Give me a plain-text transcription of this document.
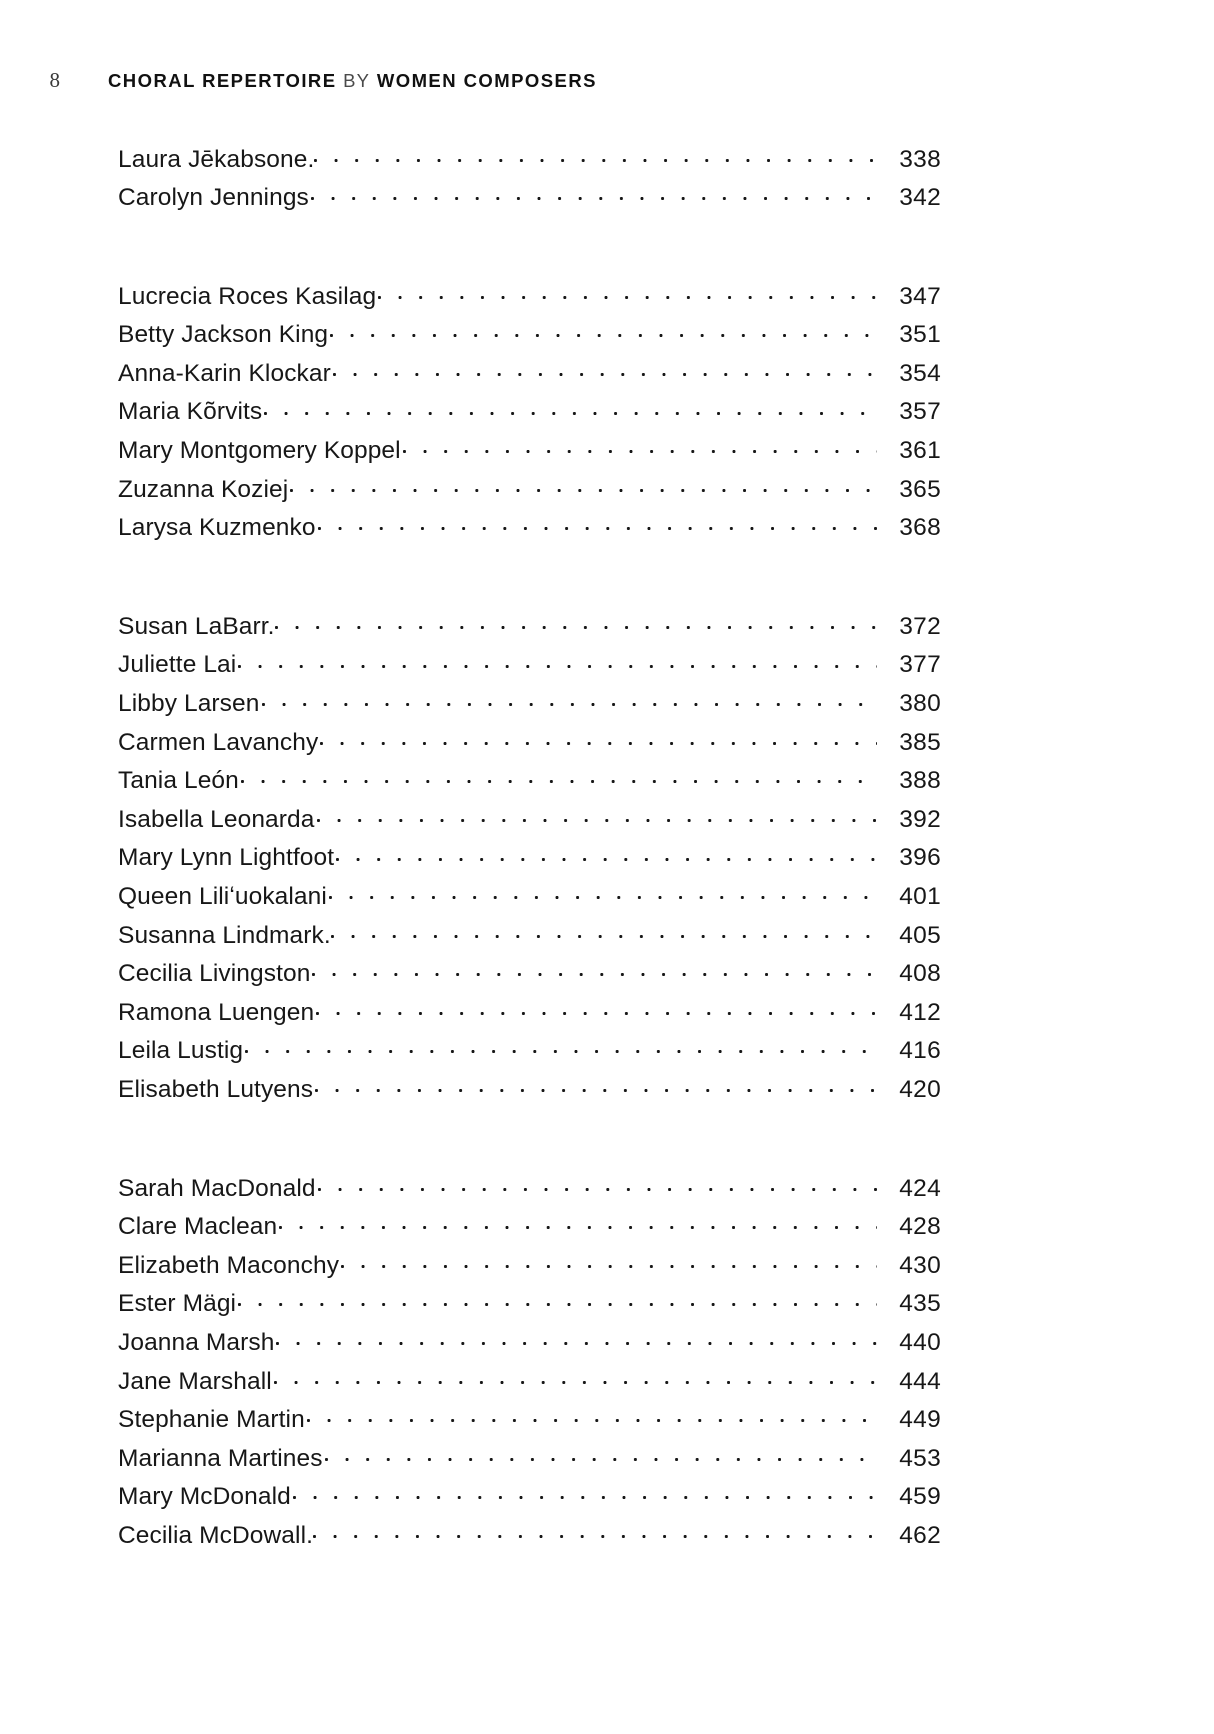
8	CHORAL REPERTOIRE BY WOMEN COMPOSERS
Laura Jēkabsone.	338
Carolyn Jennings	342
Lucrecia Roces Kasilag	347
Betty Jackson King	351
Anna-Karin Klockar	354
Maria Kõrvits	357
Mary Montgomery Koppel	361
Zuzanna Koziej	365
Larysa Kuzmenko	368
Susan LaBarr.	372
Juliette Lai	377
Libby Larsen	380
Carmen Lavanchy	385
Tania León	388
Isabella Leonarda	392
Mary Lynn Lightfoot	396
Queen Liliʻuokalani	401
Susanna Lindmark.	405
Cecilia Livingston	408
Ramona Luengen	412
Leila Lustig	416
Elisabeth Lutyens	420
Sarah MacDonald	424
Clare Maclean	428
Elizabeth Maconchy	430
Ester Mägi	435
Joanna Marsh	440
Jane Marshall	444
Stephanie Martin	449
Marianna Martines	453
Mary McDonald	459
Cecilia McDowall.	462
